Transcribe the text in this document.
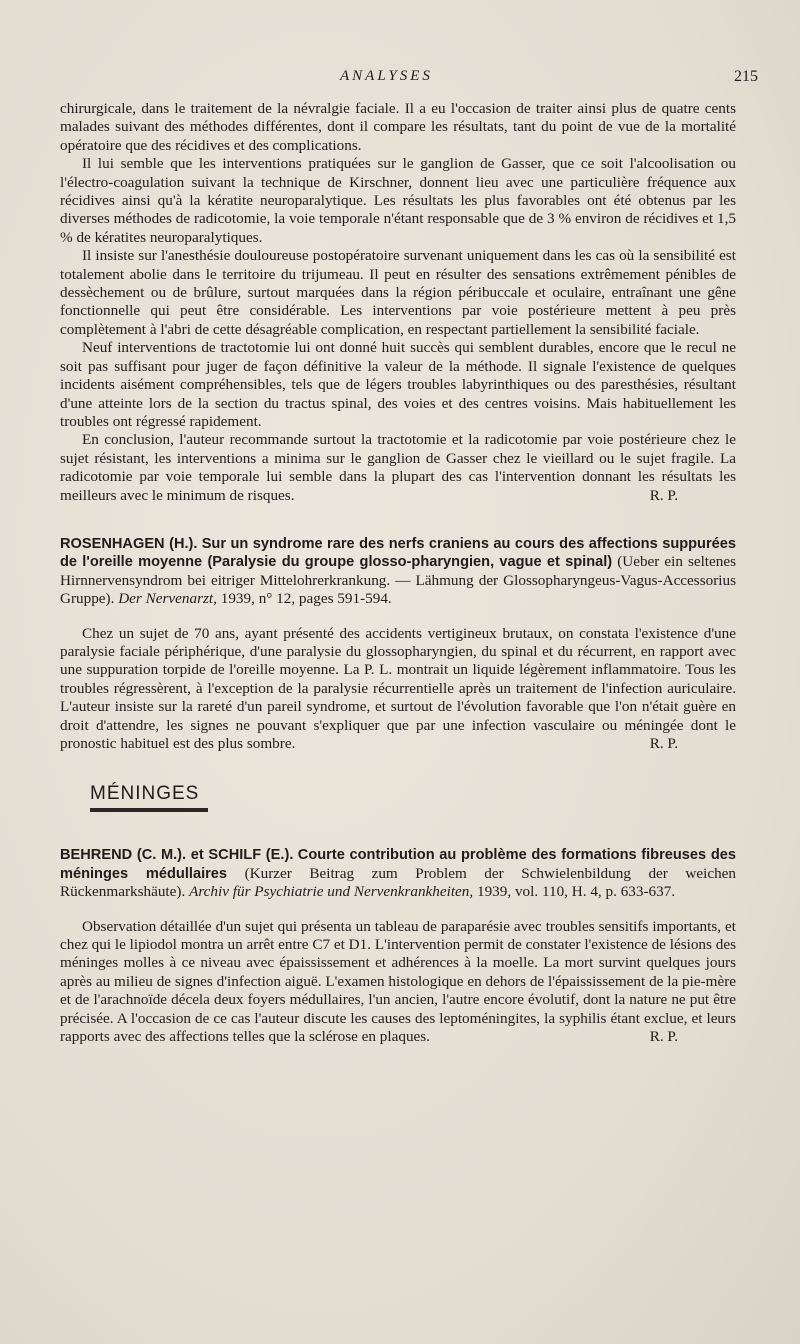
ANALYSES	215

chirurgicale, dans le traitement de la névralgie faciale. Il a eu l'occasion de traiter ainsi plus de quatre cents malades suivant des méthodes différentes, dont il compare les résultats, tant du point de vue de la mortalité opératoire que des récidives et des complications.

Il lui semble que les interventions pratiquées sur le ganglion de Gasser, que ce soit l'alcoolisation ou l'électro-coagulation suivant la technique de Kirschner, donnent lieu avec une particulière fréquence aux récidives ainsi qu'à la kératite neuroparalytique. Les résultats les plus favorables ont été obtenus par les diverses méthodes de radicotomie, la voie temporale n'étant responsable que de 3 % environ de récidives et 1,5 % de kératites neuroparalytiques.

Il insiste sur l'anesthésie douloureuse postopératoire survenant uniquement dans les cas où la sensibilité est totalement abolie dans le territoire du trijumeau. Il peut en résulter des sensations extrêmement pénibles de dessèchement ou de brûlure, surtout marquées dans la région péribuccale et oculaire, entraînant une gêne fonctionnelle qui peut être considérable. Les interventions par voie postérieure mettent à peu près complètement à l'abri de cette désagréable complication, en respectant partiellement la sensibilité faciale.

Neuf interventions de tractotomie lui ont donné huit succès qui semblent durables, encore que le recul ne soit pas suffisant pour juger de façon définitive la valeur de la méthode. Il signale l'existence de quelques incidents aisément compréhensibles, tels que de légers troubles labyrinthiques ou des paresthésies, résultant d'une atteinte lors de la section du tractus spinal, des voies et des centres voisins. Mais habituellement les troubles ont régressé rapidement.

En conclusion, l'auteur recommande surtout la tractotomie et la radicotomie par voie postérieure chez le sujet résistant, les interventions a minima sur le ganglion de Gasser chez le vieillard ou le sujet fragile. La radicotomie par voie temporale lui semble dans la plupart des cas l'intervention donnant les résultats les meilleurs avec le minimum de risques.	R. P.

ROSENHAGEN (H.). Sur un syndrome rare des nerfs craniens au cours des affections suppurées de l'oreille moyenne (Paralysie du groupe glosso-pharyngien, vague et spinal) (Ueber ein seltenes Hirnnervensyndrom bei eitriger Mittelohrerkrankung. — Lähmung der Glossopharyngeus-Vagus-Accessorius Gruppe). Der Nervenarzt, 1939, n° 12, pages 591-594.

Chez un sujet de 70 ans, ayant présenté des accidents vertigineux brutaux, on constata l'existence d'une paralysie faciale périphérique, d'une paralysie du glossopharyngien, du spinal et du récurrent, en rapport avec une suppuration torpide de l'oreille moyenne. La P. L. montrait un liquide légèrement inflammatoire. Tous les troubles régressèrent, à l'exception de la paralysie récurrentielle après un traitement de l'infection auriculaire. L'auteur insiste sur la rareté d'un pareil syndrome, et surtout de l'évolution favorable que l'on n'était guère en droit d'attendre, les signes ne pouvant s'expliquer que par une infection vasculaire ou méningée dont le pronostic habituel est des plus sombre.	R. P.

MÉNINGES

BEHREND (C. M.). et SCHILF (E.). Courte contribution au problème des formations fibreuses des méninges médullaires (Kurzer Beitrag zum Problem der Schwielenbildung der weichen Rückenmarkshäute). Archiv für Psychiatrie und Nervenkrankheiten, 1939, vol. 110, H. 4, p. 633-637.

Observation détaillée d'un sujet qui présenta un tableau de paraparésie avec troubles sensitifs importants, et chez qui le lipiodol montra un arrêt entre C7 et D1. L'intervention permit de constater l'existence de lésions des méninges molles à ce niveau avec épaississement et adhérences à la moelle. La mort survint quelques jours après au milieu de signes d'infection aiguë. L'examen histologique en dehors de l'épaississement de la pie-mère et de l'arachnoïde décela deux foyers médullaires, l'un ancien, l'autre encore évolutif, dont la nature ne put être précisée. A l'occasion de ce cas l'auteur discute les causes des leptoméningites, la syphilis étant exclue, et leurs rapports avec des affections telles que la sclérose en plaques.	R. P.
